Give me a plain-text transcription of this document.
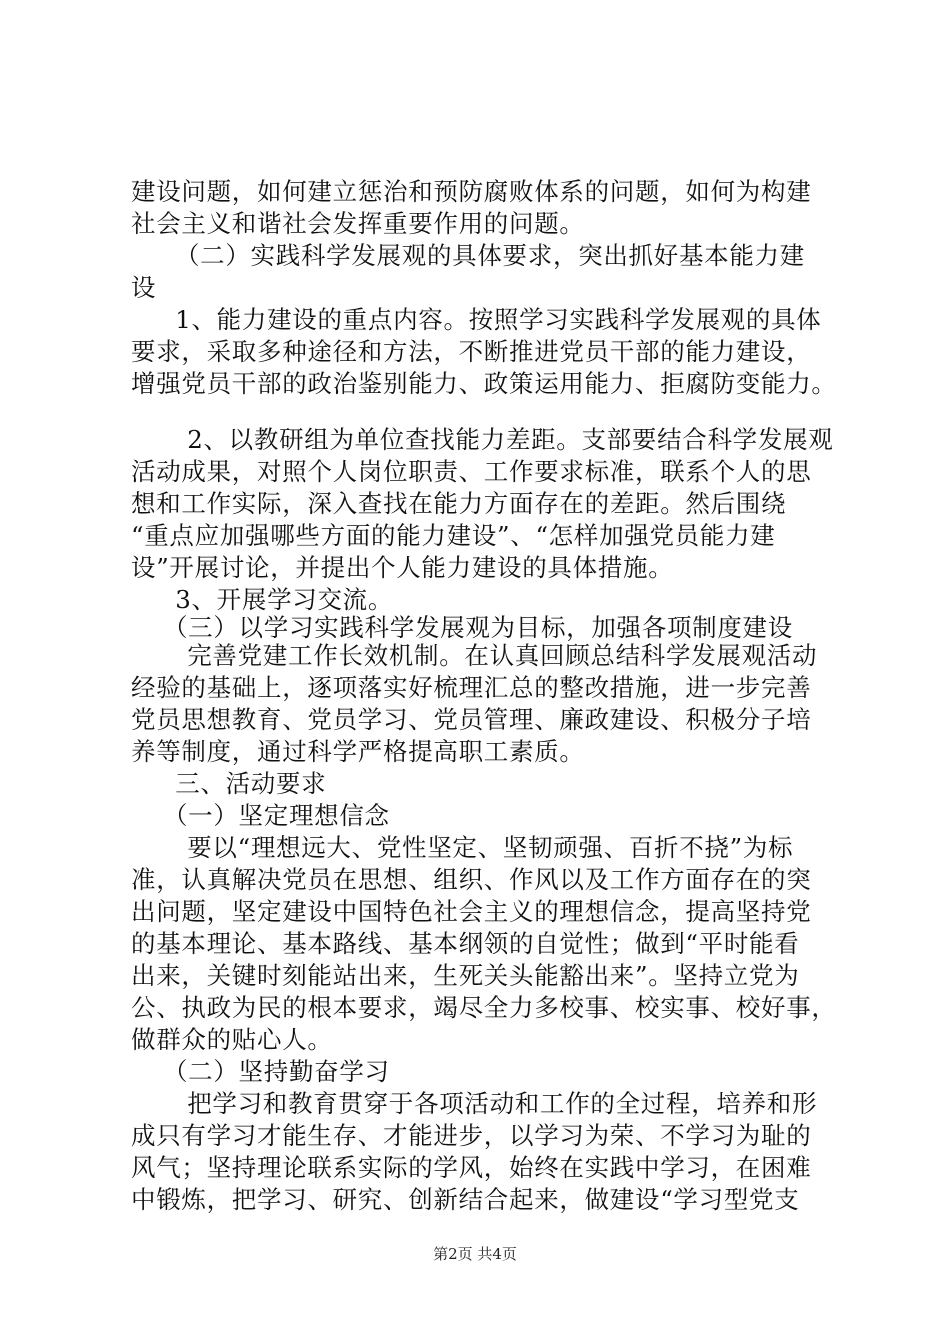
建设问题，如何建立惩治和预防腐败体系的问题，如何为构建
社会主义和谐社会发挥重要作用的问题。
　（二）实践科学发展观的具体要求，突出抓好基本能力建
设
　1、能力建设的重点内容。按照学习实践科学发展观的具体
要求，采取多种途径和方法，不断推进党员干部的能力建设，
增强党员干部的政治鉴别能力、政策运用能力、拒腐防变能力。
　2、以教研组为单位查找能力差距。支部要结合科学发展观
活动成果，对照个人岗位职责、工作要求标准，联系个人的思
想和工作实际，深入查找在能力方面存在的差距。然后围绕
“重点应加强哪些方面的能力建设”、“怎样加强党员能力建
设”开展讨论，并提出个人能力建设的具体措施。
　3、开展学习交流。
　（三）以学习实践科学发展观为目标，加强各项制度建设
　完善党建工作长效机制。在认真回顾总结科学发展观活动
经验的基础上，逐项落实好梳理汇总的整改措施，进一步完善
党员思想教育、党员学习、党员管理、廉政建设、积极分子培
养等制度，通过科学严格提高职工素质。
　三、活动要求
　（一）坚定理想信念
　要以“理想远大、党性坚定、坚韧顽强、百折不挠”为标
准，认真解决党员在思想、组织、作风以及工作方面存在的突
出问题，坚定建设中国特色社会主义的理想信念，提高坚持党
的基本理论、基本路线、基本纲领的自觉性；做到“平时能看
出来，关键时刻能站出来，生死关头能豁出来”。坚持立党为
公、执政为民的根本要求，竭尽全力多校事、校实事、校好事，
做群众的贴心人。
　（二）坚持勤奋学习
　把学习和教育贯穿于各项活动和工作的全过程，培养和形
成只有学习才能生存、才能进步，以学习为荣、不学习为耻的
风气；坚持理论联系实际的学风，始终在实践中学习，在困难
中锻炼，把学习、研究、创新结合起来，做建设“学习型党支
第2页 共4页
